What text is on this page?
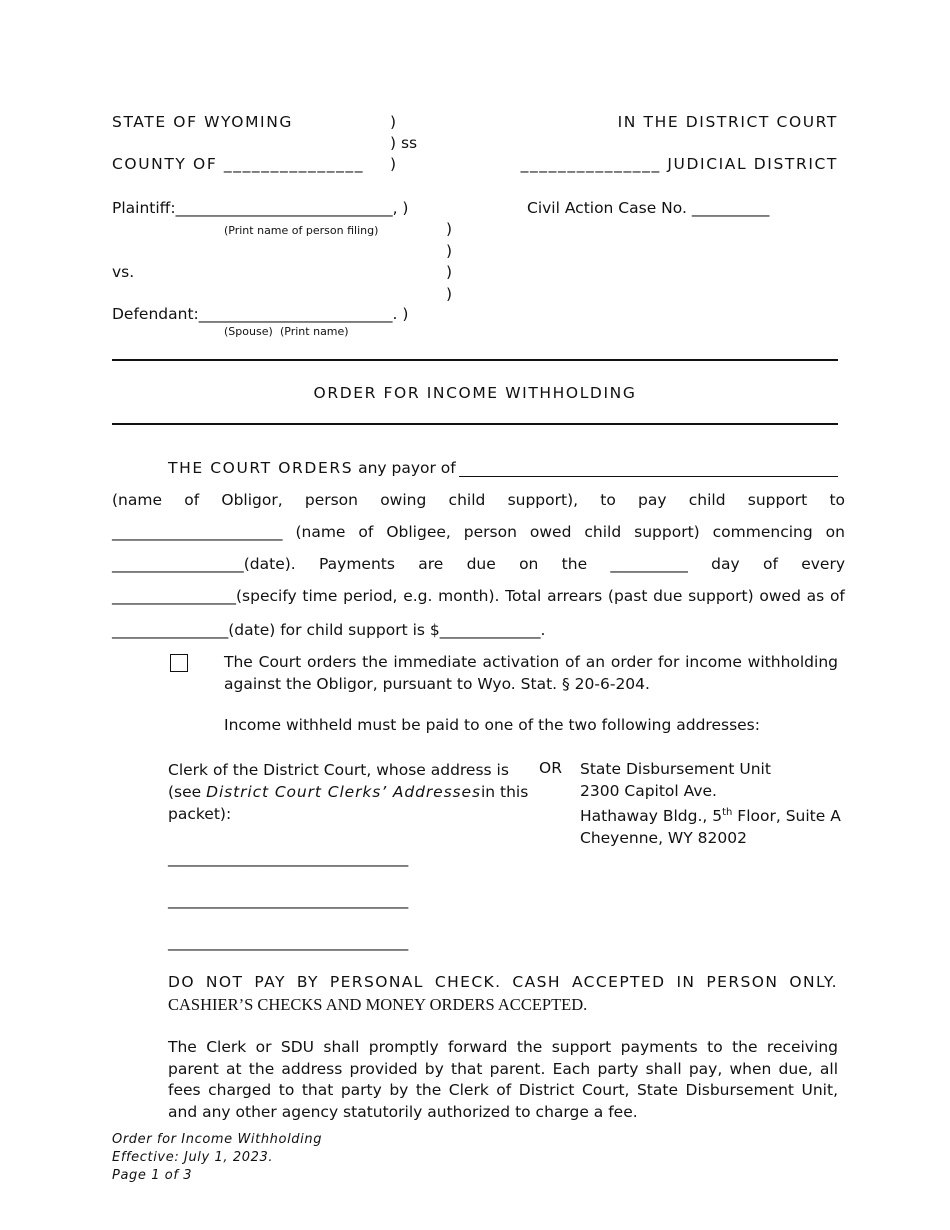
STATE OF WYOMING
COUNTY OF _______________
)
) ss
)
IN THE DISTRICT COURT
_______________ JUDICIAL DISTRICT
Plaintiff:____________________________, )
(Print name of person filing)	)
)
vs.	)
)
Defendant:_________________________. )
(Spouse) (Print name)
Civil Action Case No. __________
ORDER FOR INCOME WITHHOLDING
THE COURT ORDERS any payor of
(name of Obligor, person owing child support), to pay child support to
______________________ (name of Obligee, person owed child support) commencing on
_________________(date). Payments are due on the __________ day of every
________________(specify time period, e.g. month). Total arrears (past due support) owed as of
_______________(date) for child support is $_____________.
The Court orders the immediate activation of an order for income withholding against the Obligor, pursuant to Wyo. Stat. § 20-6-204.
Income withheld must be paid to one of the two following addresses:
Clerk of the District Court, whose address is
(see District Court Clerks’ Addresses in this
packet):
_______________________________
_______________________________
_______________________________
OR State Disbursement Unit
2300 Capitol Ave.
Hathaway Bldg., 5th Floor, Suite A
Cheyenne, WY 82002
DO NOT PAY BY PERSONAL CHECK. CASH ACCEPTED IN PERSON ONLY.
CASHIER’S CHECKS AND MONEY ORDERS ACCEPTED.
The Clerk or SDU shall promptly forward the support payments to the receiving parent at the address provided by that parent. Each party shall pay, when due, all fees charged to that party by the Clerk of District Court, State Disbursement Unit, and any other agency statutorily authorized to charge a fee.
Order for Income Withholding
Effective: July 1, 2023.
Page 1 of 3
